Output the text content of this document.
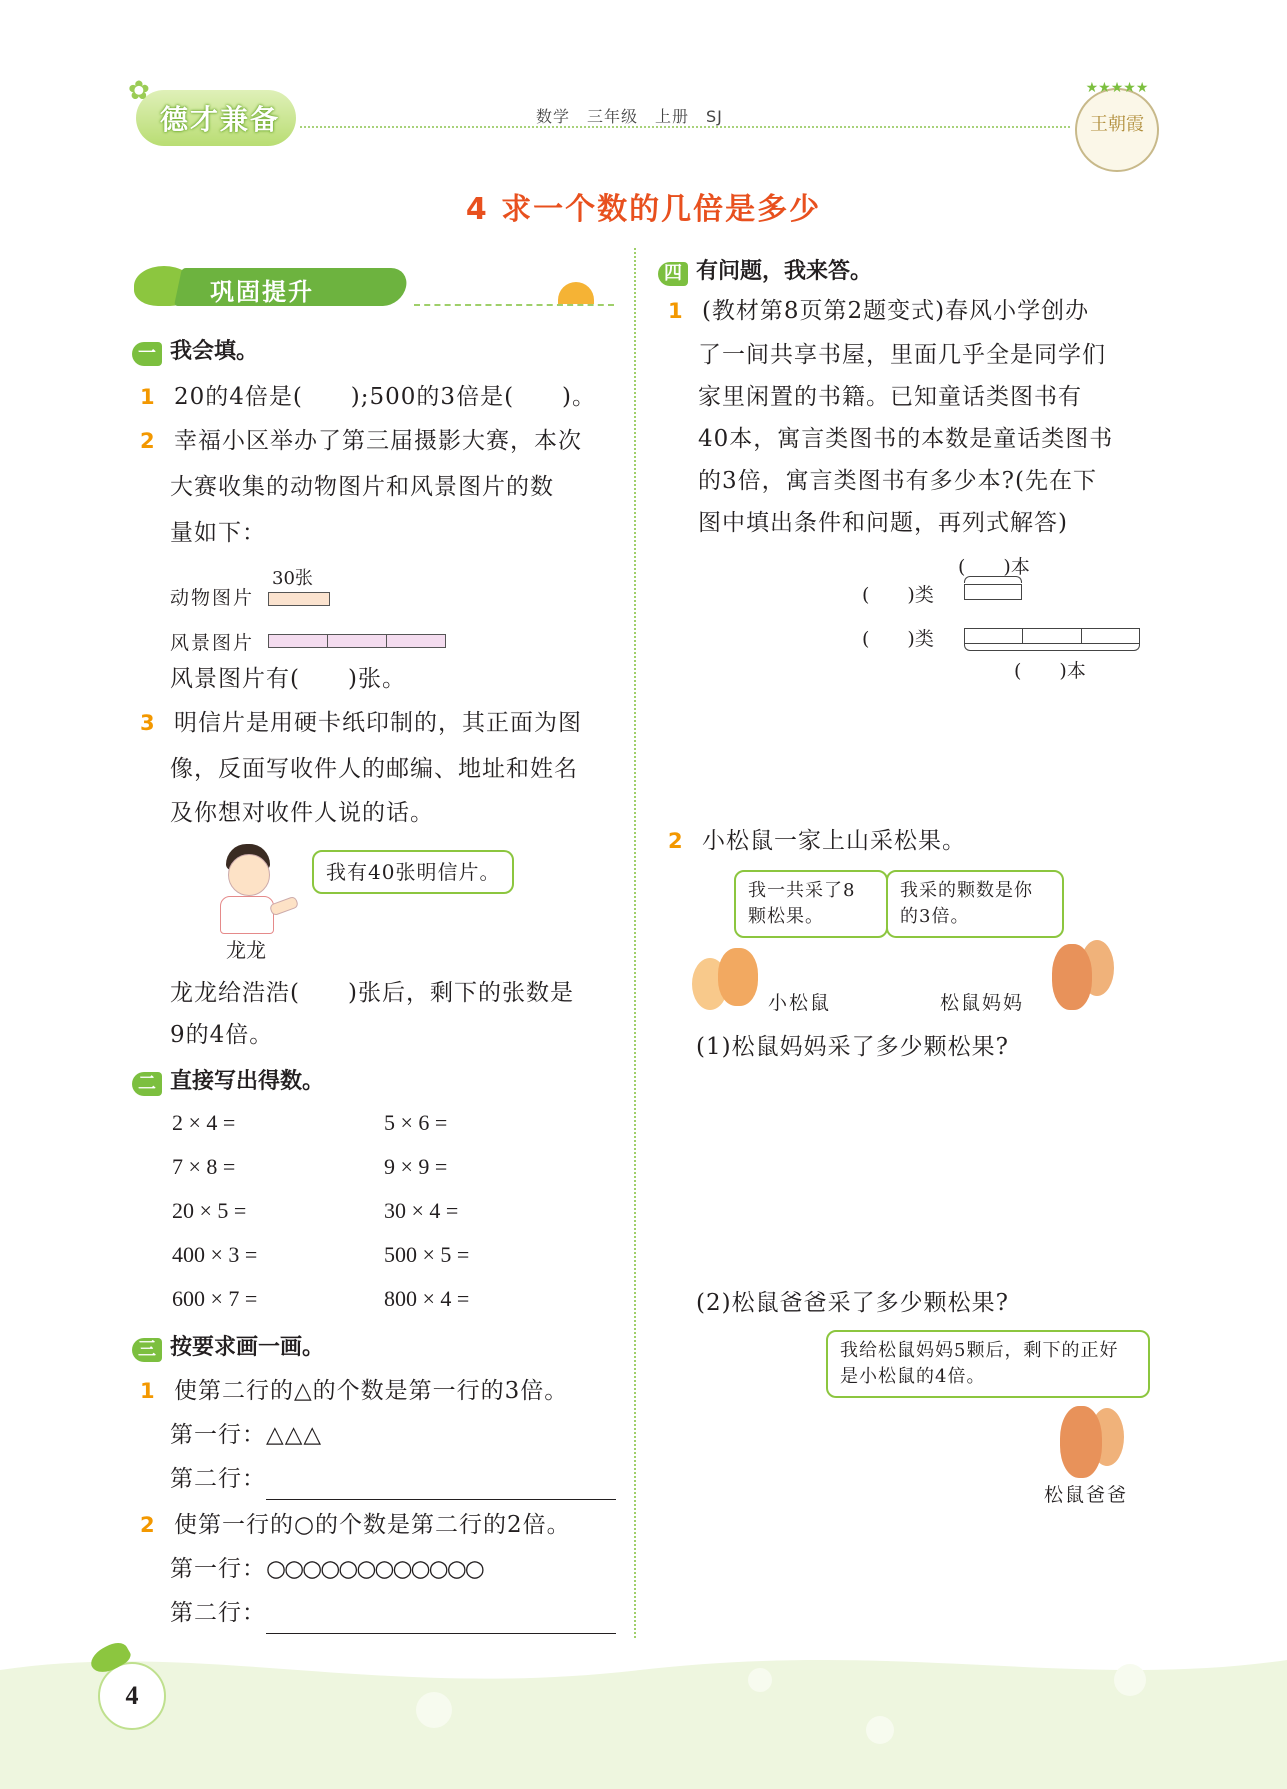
✿
德才兼备	数学　三年级　上册　SJ
★★★★★
王朝霞
4 求一个数的几倍是多少
巩固提升
一 我会填。
1 20的4倍是(　　);500的3倍是(　　)。
2 幸福小区举办了第三届摄影大赛，本次
大赛收集的动物图片和风景图片的数
量如下：
30张
动物图片
风景图片
风景图片有(　　)张。
3 明信片是用硬卡纸印制的，其正面为图
像，反面写收件人的邮编、地址和姓名
及你想对收件人说的话。
龙龙
我有40张明信片。
龙龙给浩浩(　　)张后，剩下的张数是
9的4倍。
二 直接写出得数。
2 × 4 =	5 × 6 =
7 × 8 =	9 × 9 =
20 × 5 =	30 × 4 =
400 × 3 =	500 × 5 =
600 × 7 =	800 × 4 =
三 按要求画一画。
1 使第二行的△的个数是第一行的3倍。
第一行：△△△
第二行：
2 使第一行的○的个数是第二行的2倍。
第一行：○○○○○○○○○○○○
第二行：
四 有问题，我来答。
1 (教材第8页第2题变式)春风小学创办
了一间共享书屋，里面几乎全是同学们
家里闲置的书籍。已知童话类图书有
40本，寓言类图书的本数是童话类图书
的3倍，寓言类图书有多少本?(先在下
图中填出条件和问题，再列式解答)
(　　)本
(　　)类
(　　)类
(　　)本
2 小松鼠一家上山采松果。
我一共采了8颗松果。
我采的颗数是你的3倍。
小松鼠	松鼠妈妈
(1)松鼠妈妈采了多少颗松果?
(2)松鼠爸爸采了多少颗松果?
我给松鼠妈妈5颗后，剩下的正好是小松鼠的4倍。
松鼠爸爸
4
